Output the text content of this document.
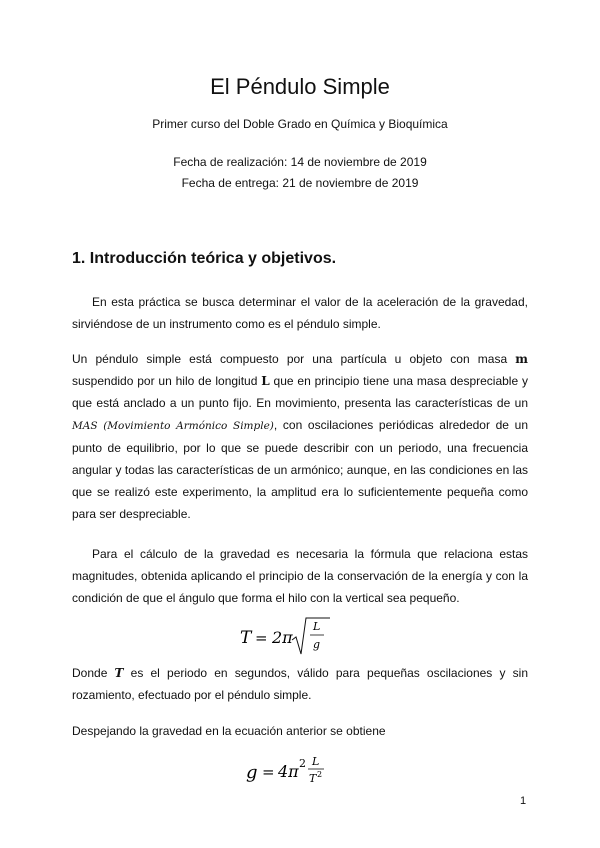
El Péndulo Simple
Primer curso del Doble Grado en Química y Bioquímica
Fecha de realización: 14 de noviembre de 2019
Fecha de entrega: 21 de noviembre de 2019
1. Introducción teórica y objetivos.

En esta práctica se busca determinar el valor de la aceleración de la gravedad, sirviéndose de un instrumento como es el péndulo simple.

Un péndulo simple está compuesto por una partícula u objeto con masa m suspendido por un hilo de longitud L que en principio tiene una masa despreciable y que está anclado a un punto fijo. En movimiento, presenta las características de un MAS (Movimiento Armónico Simple), con oscilaciones periódicas alrededor de un punto de equilibrio, por lo que se puede describir con un periodo, una frecuencia angular y todas las características de un armónico; aunque, en las condiciones en las que se realizó este experimento, la amplitud era lo suficientemente pequeña como para ser despreciable.

Para el cálculo de la gravedad es necesaria la fórmula que relaciona estas magnitudes, obtenida aplicando el principio de la conservación de la energía y con la condición de que el ángulo que forma el hilo con la vertical sea pequeño.

T = 2π
L
g

Donde T es el periodo en segundos, válido para pequeñas oscilaciones y sin rozamiento, efectuado por el péndulo simple.

Despejando la gravedad en la ecuación anterior se obtiene

g = 4π 2 L
T 2
1
